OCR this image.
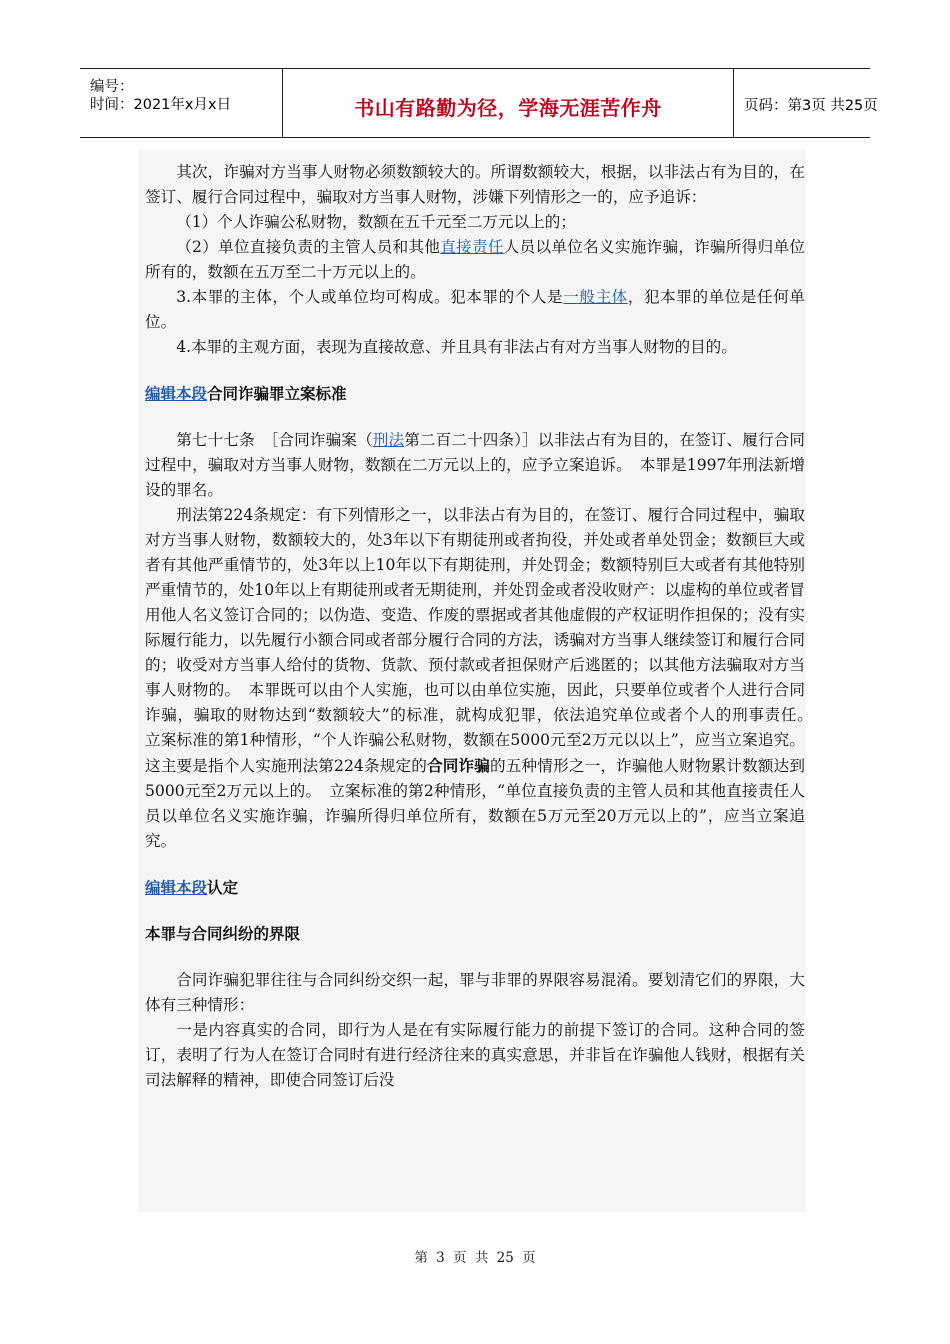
编号：
时间：2021年x月x日	书山有路勤为径，学海无涯苦作舟	页码：第3页 共25页

其次，诈骗对方当事人财物必须数额较大的。所谓数额较大，根据，以非法占有为目的，在签订、履行合同过程中，骗取对方当事人财物，涉嫌下列情形之一的，应予追诉：

（1）个人诈骗公私财物，数额在五千元至二万元以上的；

（2）单位直接负责的主管人员和其他直接责任人员以单位名义实施诈骗，诈骗所得归单位所有的，数额在五万至二十万元以上的。

3.本罪的主体，个人或单位均可构成。犯本罪的个人是一般主体，犯本罪的单位是任何单位。

4.本罪的主观方面，表现为直接故意、并且具有非法占有对方当事人财物的目的。

编辑本段合同诈骗罪立案标准

第七十七条　［合同诈骗案（刑法第二百二十四条）］以非法占有为目的，在签订、履行合同过程中，骗取对方当事人财物，数额在二万元以上的，应予立案追诉。　本罪是1997年刑法新增设的罪名。

刑法第224条规定：有下列情形之一，以非法占有为目的，在签订、履行合同过程中，骗取对方当事人财物，数额较大的，处3年以下有期徒刑或者拘役，并处或者单处罚金；数额巨大或者有其他严重情节的，处3年以上10年以下有期徒刑，并处罚金；数额特别巨大或者有其他特别严重情节的，处10年以上有期徒刑或者无期徒刑，并处罚金或者没收财产：以虚构的单位或者冒用他人名义签订合同的；以伪造、变造、作废的票据或者其他虚假的产权证明作担保的；没有实际履行能力，以先履行小额合同或者部分履行合同的方法，诱骗对方当事人继续签订和履行合同的；收受对方当事人给付的货物、货款、预付款或者担保财产后逃匿的；以其他方法骗取对方当事人财物的。　本罪既可以由个人实施，也可以由单位实施，因此，只要单位或者个人进行合同诈骗，骗取的财物达到“数额较大”的标准，就构成犯罪，依法追究单位或者个人的刑事责任。　立案标准的第1种情形，“个人诈骗公私财物，数额在5000元至2万元以以上”，应当立案追究。这主要是指个人实施刑法第224条规定的合同诈骗的五种情形之一，诈骗他人财物累计数额达到5000元至2万元以上的。　立案标准的第2种情形，“单位直接负责的主管人员和其他直接责任人员以单位名义实施诈骗，诈骗所得归单位所有，数额在5万元至20万元以上的”，应当立案追究。

编辑本段认定

本罪与合同纠纷的界限

合同诈骗犯罪往往与合同纠纷交织一起，罪与非罪的界限容易混淆。要划清它们的界限，大体有三种情形：

一是内容真实的合同，即行为人是在有实际履行能力的前提下签订的合同。这种合同的签订，表明了行为人在签订合同时有进行经济往来的真实意思，并非旨在诈骗他人钱财，根据有关司法解释的精神，即使合同签订后没

第 3 页 共 25 页
